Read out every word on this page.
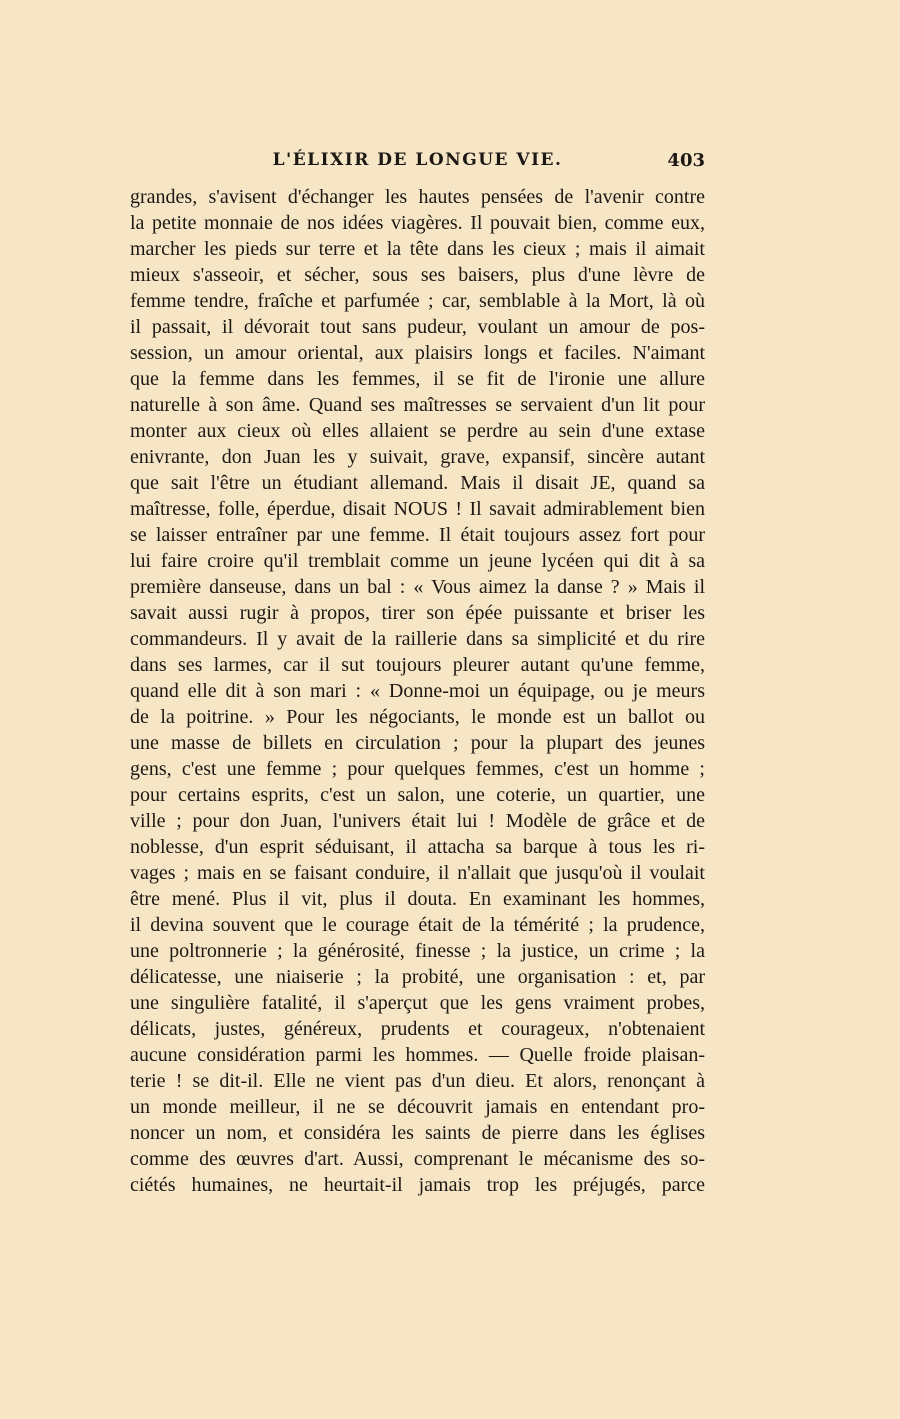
L'ÉLIXIR DE LONGUE VIE.	403
grandes, s'avisent d'échanger les hautes pensées de l'avenir contre
la petite monnaie de nos idées viagères. Il pouvait bien, comme eux,
marcher les pieds sur terre et la tête dans les cieux ; mais il aimait
mieux s'asseoir, et sécher, sous ses baisers, plus d'une lèvre de
femme tendre, fraîche et parfumée ; car, semblable à la Mort, là où
il passait, il dévorait tout sans pudeur, voulant un amour de pos-
session, un amour oriental, aux plaisirs longs et faciles. N'aimant
que la femme dans les femmes, il se fit de l'ironie une allure
naturelle à son âme. Quand ses maîtresses se servaient d'un lit pour
monter aux cieux où elles allaient se perdre au sein d'une extase
enivrante, don Juan les y suivait, grave, expansif, sincère autant
que sait l'être un étudiant allemand. Mais il disait JE, quand sa
maîtresse, folle, éperdue, disait NOUS ! Il savait admirablement bien
se laisser entraîner par une femme. Il était toujours assez fort pour
lui faire croire qu'il tremblait comme un jeune lycéen qui dit à sa
première danseuse, dans un bal : « Vous aimez la danse ? » Mais il
savait aussi rugir à propos, tirer son épée puissante et briser les
commandeurs. Il y avait de la raillerie dans sa simplicité et du rire
dans ses larmes, car il sut toujours pleurer autant qu'une femme,
quand elle dit à son mari : « Donne-moi un équipage, ou je meurs
de la poitrine. » Pour les négociants, le monde est un ballot ou
une masse de billets en circulation ; pour la plupart des jeunes
gens, c'est une femme ; pour quelques femmes, c'est un homme ;
pour certains esprits, c'est un salon, une coterie, un quartier, une
ville ; pour don Juan, l'univers était lui ! Modèle de grâce et de
noblesse, d'un esprit séduisant, il attacha sa barque à tous les ri-
vages ; mais en se faisant conduire, il n'allait que jusqu'où il voulait
être mené. Plus il vit, plus il douta. En examinant les hommes,
il devina souvent que le courage était de la témérité ; la prudence,
une poltronnerie ; la générosité, finesse ; la justice, un crime ; la
délicatesse, une niaiserie ; la probité, une organisation : et, par
une singulière fatalité, il s'aperçut que les gens vraiment probes,
délicats, justes, généreux, prudents et courageux, n'obtenaient
aucune considération parmi les hommes. — Quelle froide plaisan-
terie ! se dit-il. Elle ne vient pas d'un dieu. Et alors, renonçant à
un monde meilleur, il ne se découvrit jamais en entendant pro-
noncer un nom, et considéra les saints de pierre dans les églises
comme des œuvres d'art. Aussi, comprenant le mécanisme des so-
ciétés humaines, ne heurtait-il jamais trop les préjugés, parce
